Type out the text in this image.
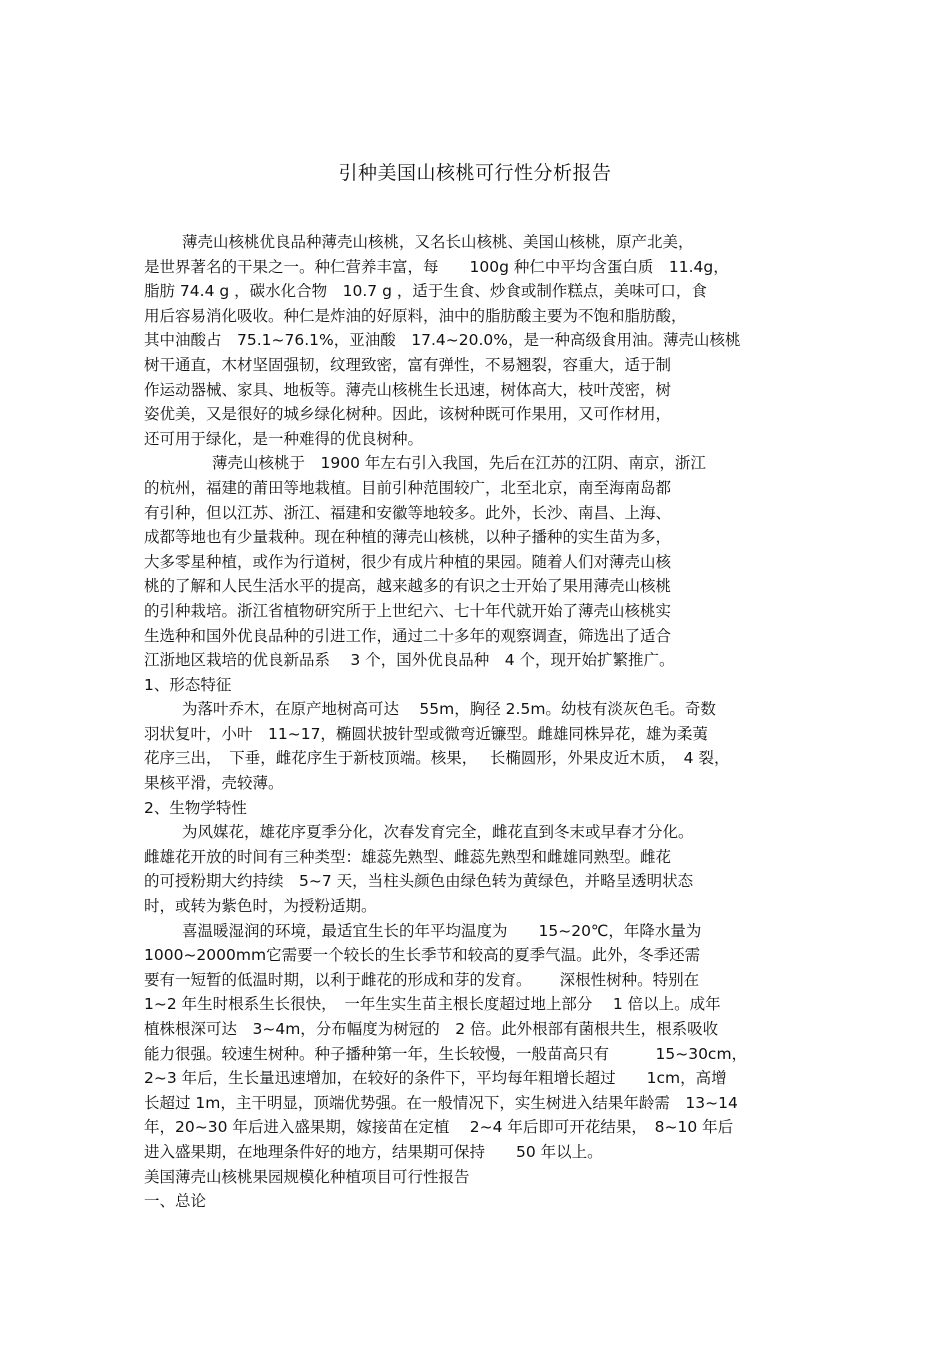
引种美国山核桃可行性分析报告
薄壳山核桃优良品种薄壳山核桃，又名长山核桃、美国山核桃，原产北美，
是世界著名的干果之一。种仁营养丰富，每　　100g 种仁中平均含蛋白质　11.4g，
脂肪 74.4 g ，碳水化合物　10.7 g ，适于生食、炒食或制作糕点，美味可口，食
用后容易消化吸收。种仁是炸油的好原料，油中的脂肪酸主要为不饱和脂肪酸，
其中油酸占　75.1~76.1%，亚油酸　17.4~20.0%，是一种高级食用油。薄壳山核桃
树干通直，木材坚固强韧，纹理致密，富有弹性，不易翘裂，容重大，适于制
作运动器械、家具、地板等。薄壳山核桃生长迅速，树体高大，枝叶茂密，树
姿优美，又是很好的城乡绿化树种。因此，该树种既可作果用，又可作材用，
还可用于绿化，是一种难得的优良树种。
薄壳山核桃于　1900 年左右引入我国，先后在江苏的江阴、南京，浙江
的杭州，福建的莆田等地栽植。目前引种范围较广，北至北京，南至海南岛都
有引种，但以江苏、浙江、福建和安徽等地较多。此外，长沙、南昌、上海、
成都等地也有少量栽种。现在种植的薄壳山核桃，以种子播种的实生苗为多，
大多零星种植，或作为行道树，很少有成片种植的果园。随着人们对薄壳山核
桃的了解和人民生活水平的提高，越来越多的有识之士开始了果用薄壳山核桃
的引种栽培。浙江省植物研究所于上世纪六、七十年代就开始了薄壳山核桃实
生选种和国外优良品种的引进工作，通过二十多年的观察调查，筛选出了适合
江浙地区栽培的优良新品系　 3 个，国外优良品种　4 个，现开始扩繁推广。
1、形态特征
为落叶乔木，在原产地树高可达　 55m，胸径 2.5m。幼枝有淡灰色毛。奇数
羽状复叶，小叶　11~17，椭圆状披针型或微弯近镰型。雌雄同株异花，雄为柔荑
花序三出，　下垂，雌花序生于新枝顶端。核果，　 长椭圆形，外果皮近木质，　4 裂，
果核平滑，壳较薄。
2、生物学特性
为风媒花，雄花序夏季分化，次春发育完全，雌花直到冬末或早春才分化。
雌雄花开放的时间有三种类型：雄蕊先熟型、雌蕊先熟型和雌雄同熟型。雌花
的可授粉期大约持续　5~7 天，当柱头颜色由绿色转为黄绿色，并略呈透明状态
时，或转为紫色时，为授粉适期。
喜温暖湿润的环境，最适宜生长的年平均温度为　　15~20℃，年降水量为
1000~2000mm它需要一个较长的生长季节和较高的夏季气温。此外，冬季还需
要有一短暂的低温时期，以利于雌花的形成和芽的发育。　　 深根性树种。特别在
1~2 年生时根系生长很快，　一年生实生苗主根长度超过地上部分　 1 倍以上。成年
植株根深可达　3~4m，分布幅度为树冠的　2 倍。此外根部有菌根共生，根系吸收
能力很强。较速生树种。种子播种第一年，生长较慢，一般苗高只有　　　15~30cm，
2~3 年后，生长量迅速增加，在较好的条件下，平均每年粗增长超过　　1cm，高增
长超过 1m，主干明显，顶端优势强。在一般情况下，实生树进入结果年龄需　13~14
年，20~30 年后进入盛果期，嫁接苗在定植　 2~4 年后即可开花结果，　8~10 年后
进入盛果期，在地理条件好的地方，结果期可保持　　50 年以上。
美国薄壳山核桃果园规模化种植项目可行性报告
一、总论
